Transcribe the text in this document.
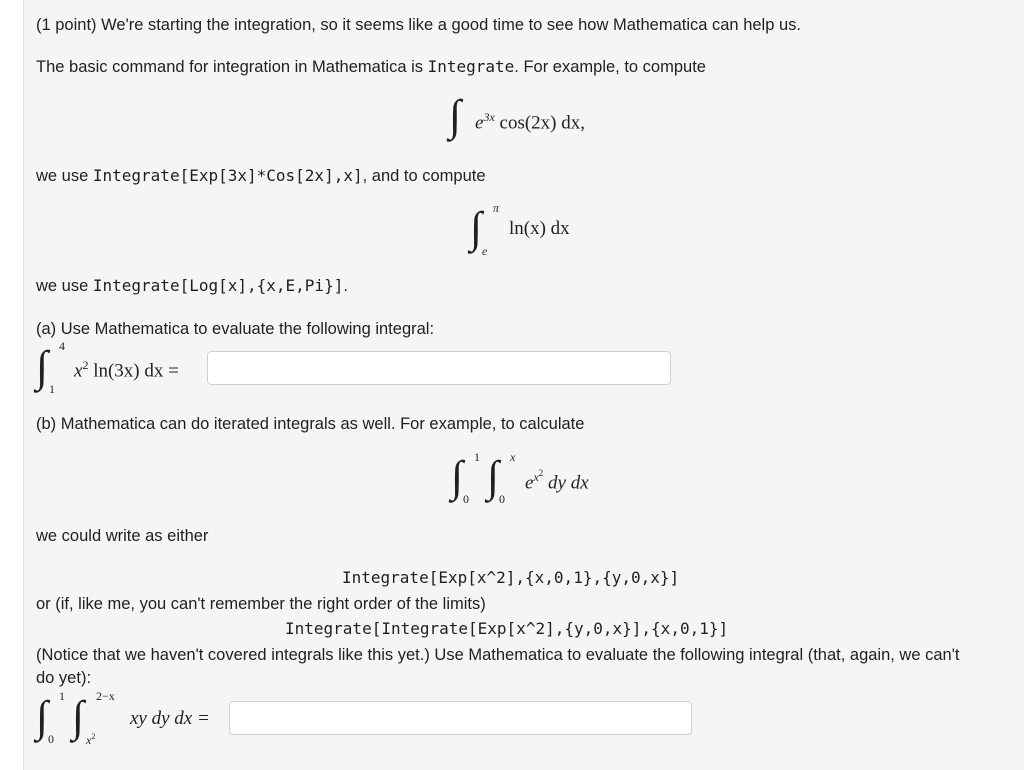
(1 point) We're starting the integration, so it seems like a good time to see how Mathematica can help us.
The basic command for integration in Mathematica is Integrate. For example, to compute
∫ $e^{3x}$ cos(2x) dx,
we use Integrate[Exp[3x]*Cos[2x],x], and to compute
∫ π
e
ln(x) dx
we use Integrate[Log[x],{x,E,Pi}].
(a) Use Mathematica to evaluate the following integral:
∫ 4
1
$x^2$ ln(3x) dx =
(b) Mathematica can do iterated integrals as well. For example, to calculate
∫ 1
0 ∫ x
0
$e^{x^2}$ dy dx
we could write as either
Integrate[Exp[x^2],{x,0,1},{y,0,x}]
or (if, like me, you can't remember the right order of the limits)
Integrate[Integrate[Exp[x^2],{y,0,x}],{x,0,1}]
(Notice that we haven't covered integrals like this yet.) Use Mathematica to evaluate the following integral (that, again, we can't
do yet):
∫ 1
0 ∫ 2−x
$x^2$
xy dy dx =
